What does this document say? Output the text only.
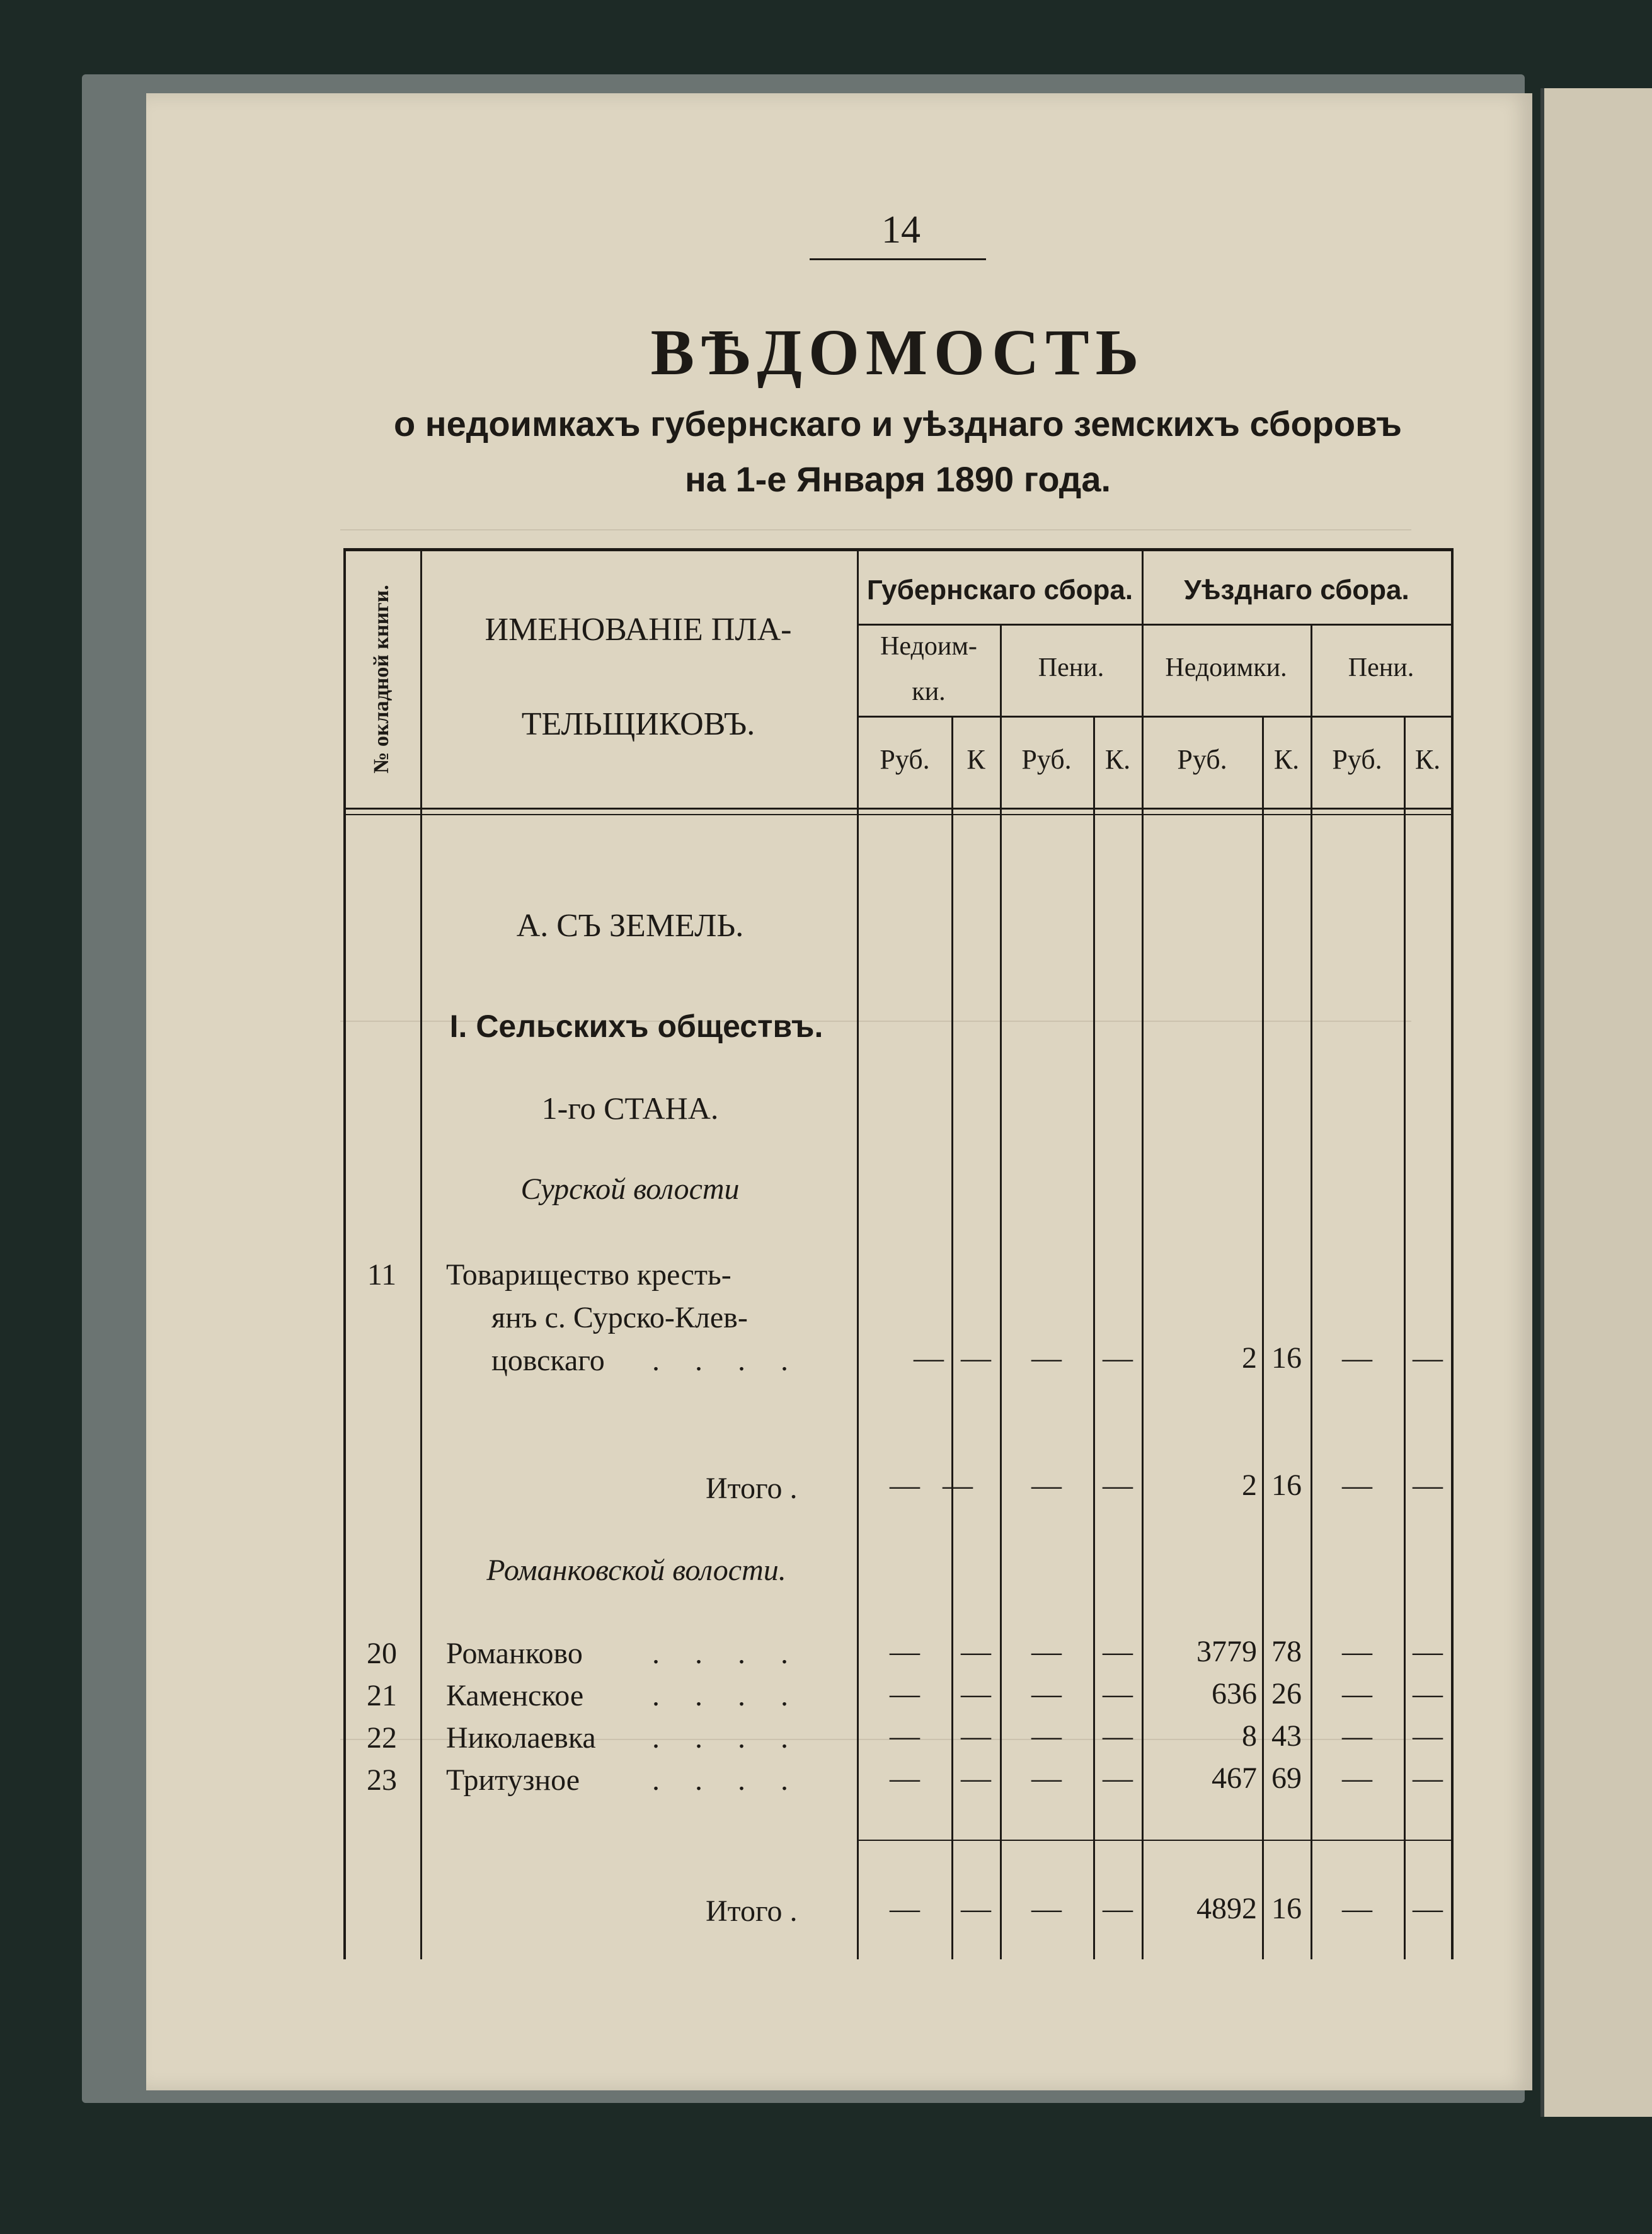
14
ВѢДОМОСТЬ
о недоимкахъ губернскаго и уѣзднаго земскихъ сборовъ
на 1-е Января 1890 года.
№ окладной книги.	ИМЕНОВАНIЕ ПЛА-
ТЕЛЬЩИКОВЪ.
Губернскаго сбора. Уѣзднаго сбора.
Недоим-
ки.
Пени. Недоимки. Пени.
Руб. К Руб. К. Руб. К. Руб. К.
А. СЪ ЗЕМЕЛЬ.
I. Сельскихъ обществъ.
1-го СТАНА.
Сурской волости
11 Товарищество кресть-
янъ с. Сурско-Клев-
цовскаго . . . .	— — — —	2 16 — —
Итого .	— — — —	2 16 — —
Романковской волости.
20 Романково . . . .	— — — — 3779 78 — —
21 Каменское . . . .	— — — —	636 26 — —
22 Николаевка . . . .	— — — —	8 43 — —
23 Тритузное . . . .	— — — —	467 69 — —
Итого .	— — — — 4892 16 — —
